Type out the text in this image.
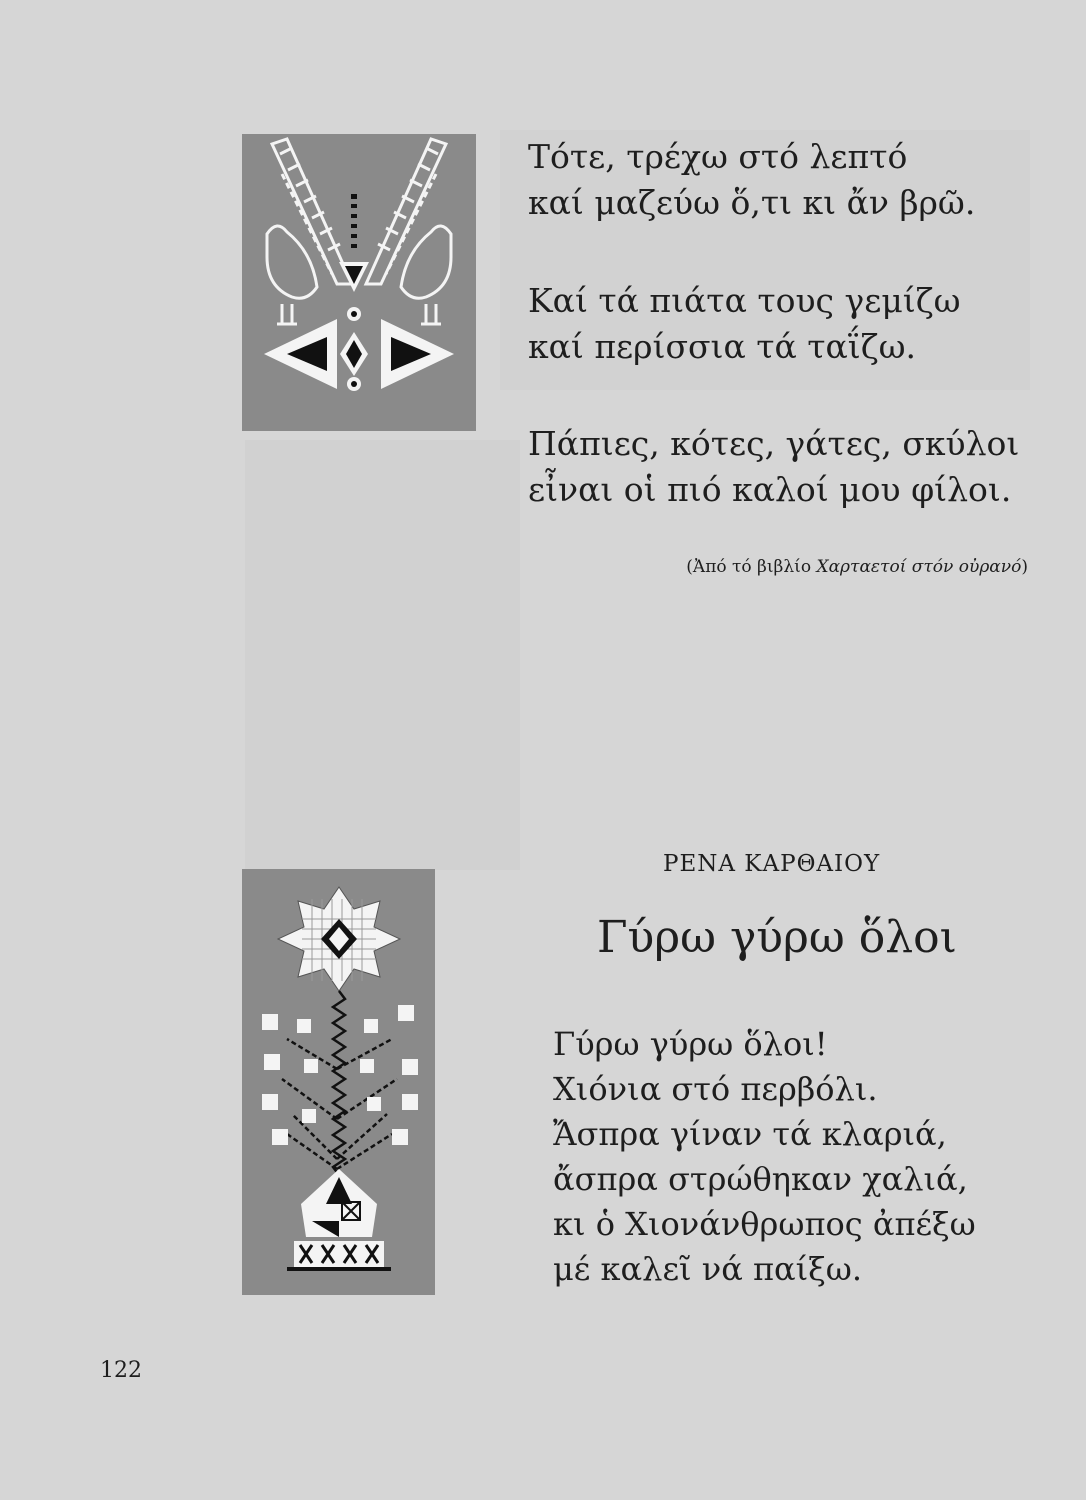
Τότε, τρέχω στό λεπτό
καί μαζεύω ὅ,τι κι ἄν βρῶ.
Καί τά πιάτα τους γεμίζω
καί περίσσια τά ταΐζω.
Πάπιες, κότες, γάτες, σκύλοι
εἶναι οἱ πιό καλοί μου φίλοι.
(Ἀπό τό βιβλίο Χαρταετοί στόν οὐρανό)
ΡΕΝΑ ΚΑΡΘΑΙΟΥ
Γύρω γύρω ὅλοι
Γύρω γύρω ὅλοι!
Χιόνια στό περβόλι.
Ἄσπρα γίναν τά κλαριά,
ἄσπρα στρώθηκαν χαλιά,
κι ὁ Χιονάνθρωπος ἀπέξω
μέ καλεῖ νά παίξω.
122
